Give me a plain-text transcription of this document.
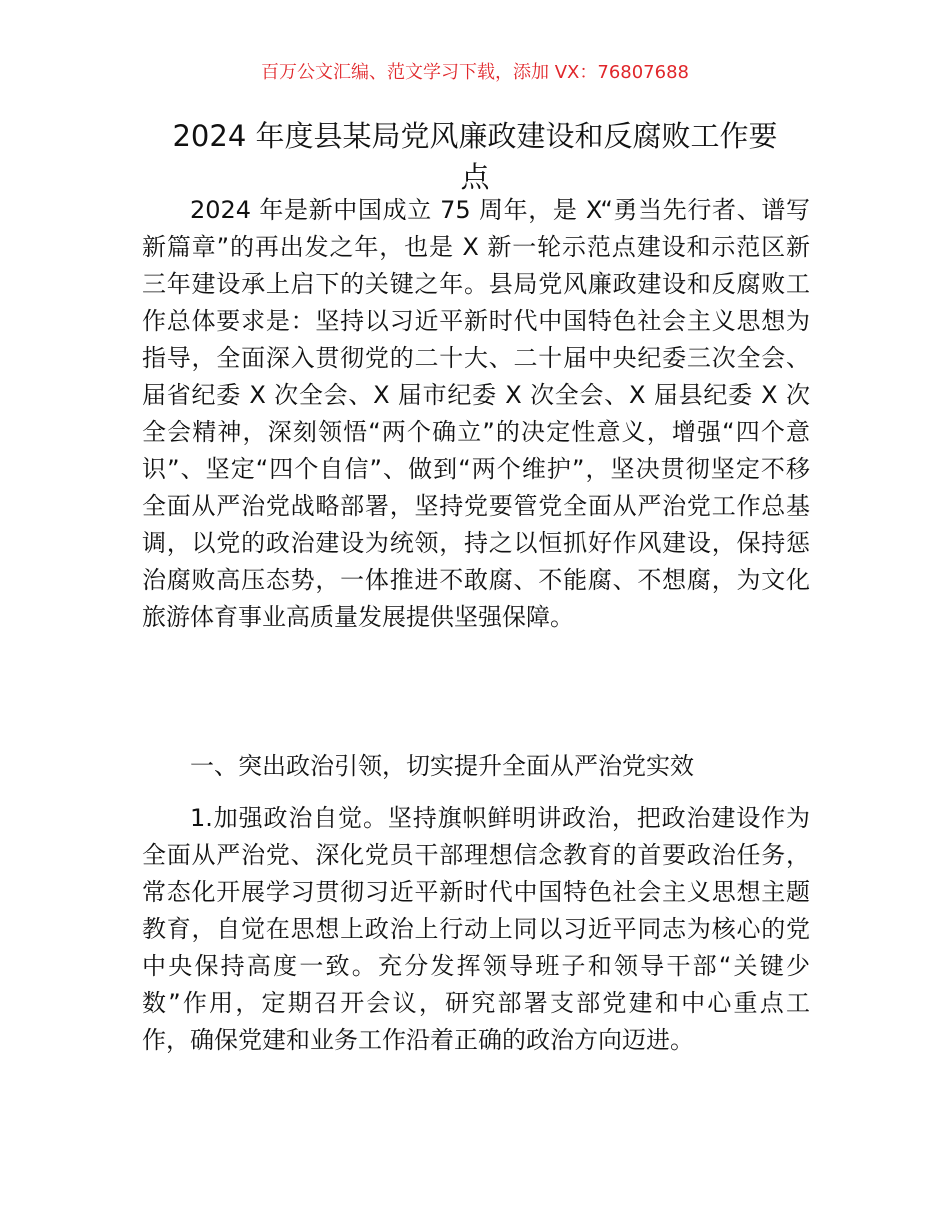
百万公文汇编、范文学习下载，添加 VX：76807688
2024 年度县某局党风廉政建设和反腐败工作要
点
2024 年是新中国成立 75 周年，是 X“勇当先行者、谱写
新篇章”的再出发之年，也是 X 新一轮示范点建设和示范区新
三年建设承上启下的关键之年。县局党风廉政建设和反腐败工
作总体要求是：坚持以习近平新时代中国特色社会主义思想为
指导，全面深入贯彻党的二十大、二十届中央纪委三次全会、
届省纪委 X 次全会、X 届市纪委 X 次全会、X 届县纪委 X 次
全会精神，深刻领悟“两个确立”的决定性意义，增强“四个意
识”、坚定“四个自信”、做到“两个维护”，坚决贯彻坚定不移
全面从严治党战略部署，坚持党要管党全面从严治党工作总基
调，以党的政治建设为统领，持之以恒抓好作风建设，保持惩
治腐败高压态势，一体推进不敢腐、不能腐、不想腐，为文化
旅游体育事业高质量发展提供坚强保障。
一、突出政治引领，切实提升全面从严治党实效
1.加强政治自觉。坚持旗帜鲜明讲政治，把政治建设作为
全面从严治党、深化党员干部理想信念教育的首要政治任务，
常态化开展学习贯彻习近平新时代中国特色社会主义思想主题
教育，自觉在思想上政治上行动上同以习近平同志为核心的党
中央保持高度一致。充分发挥领导班子和领导干部“关键少
数”作用，定期召开会议，研究部署支部党建和中心重点工
作，确保党建和业务工作沿着正确的政治方向迈进。
